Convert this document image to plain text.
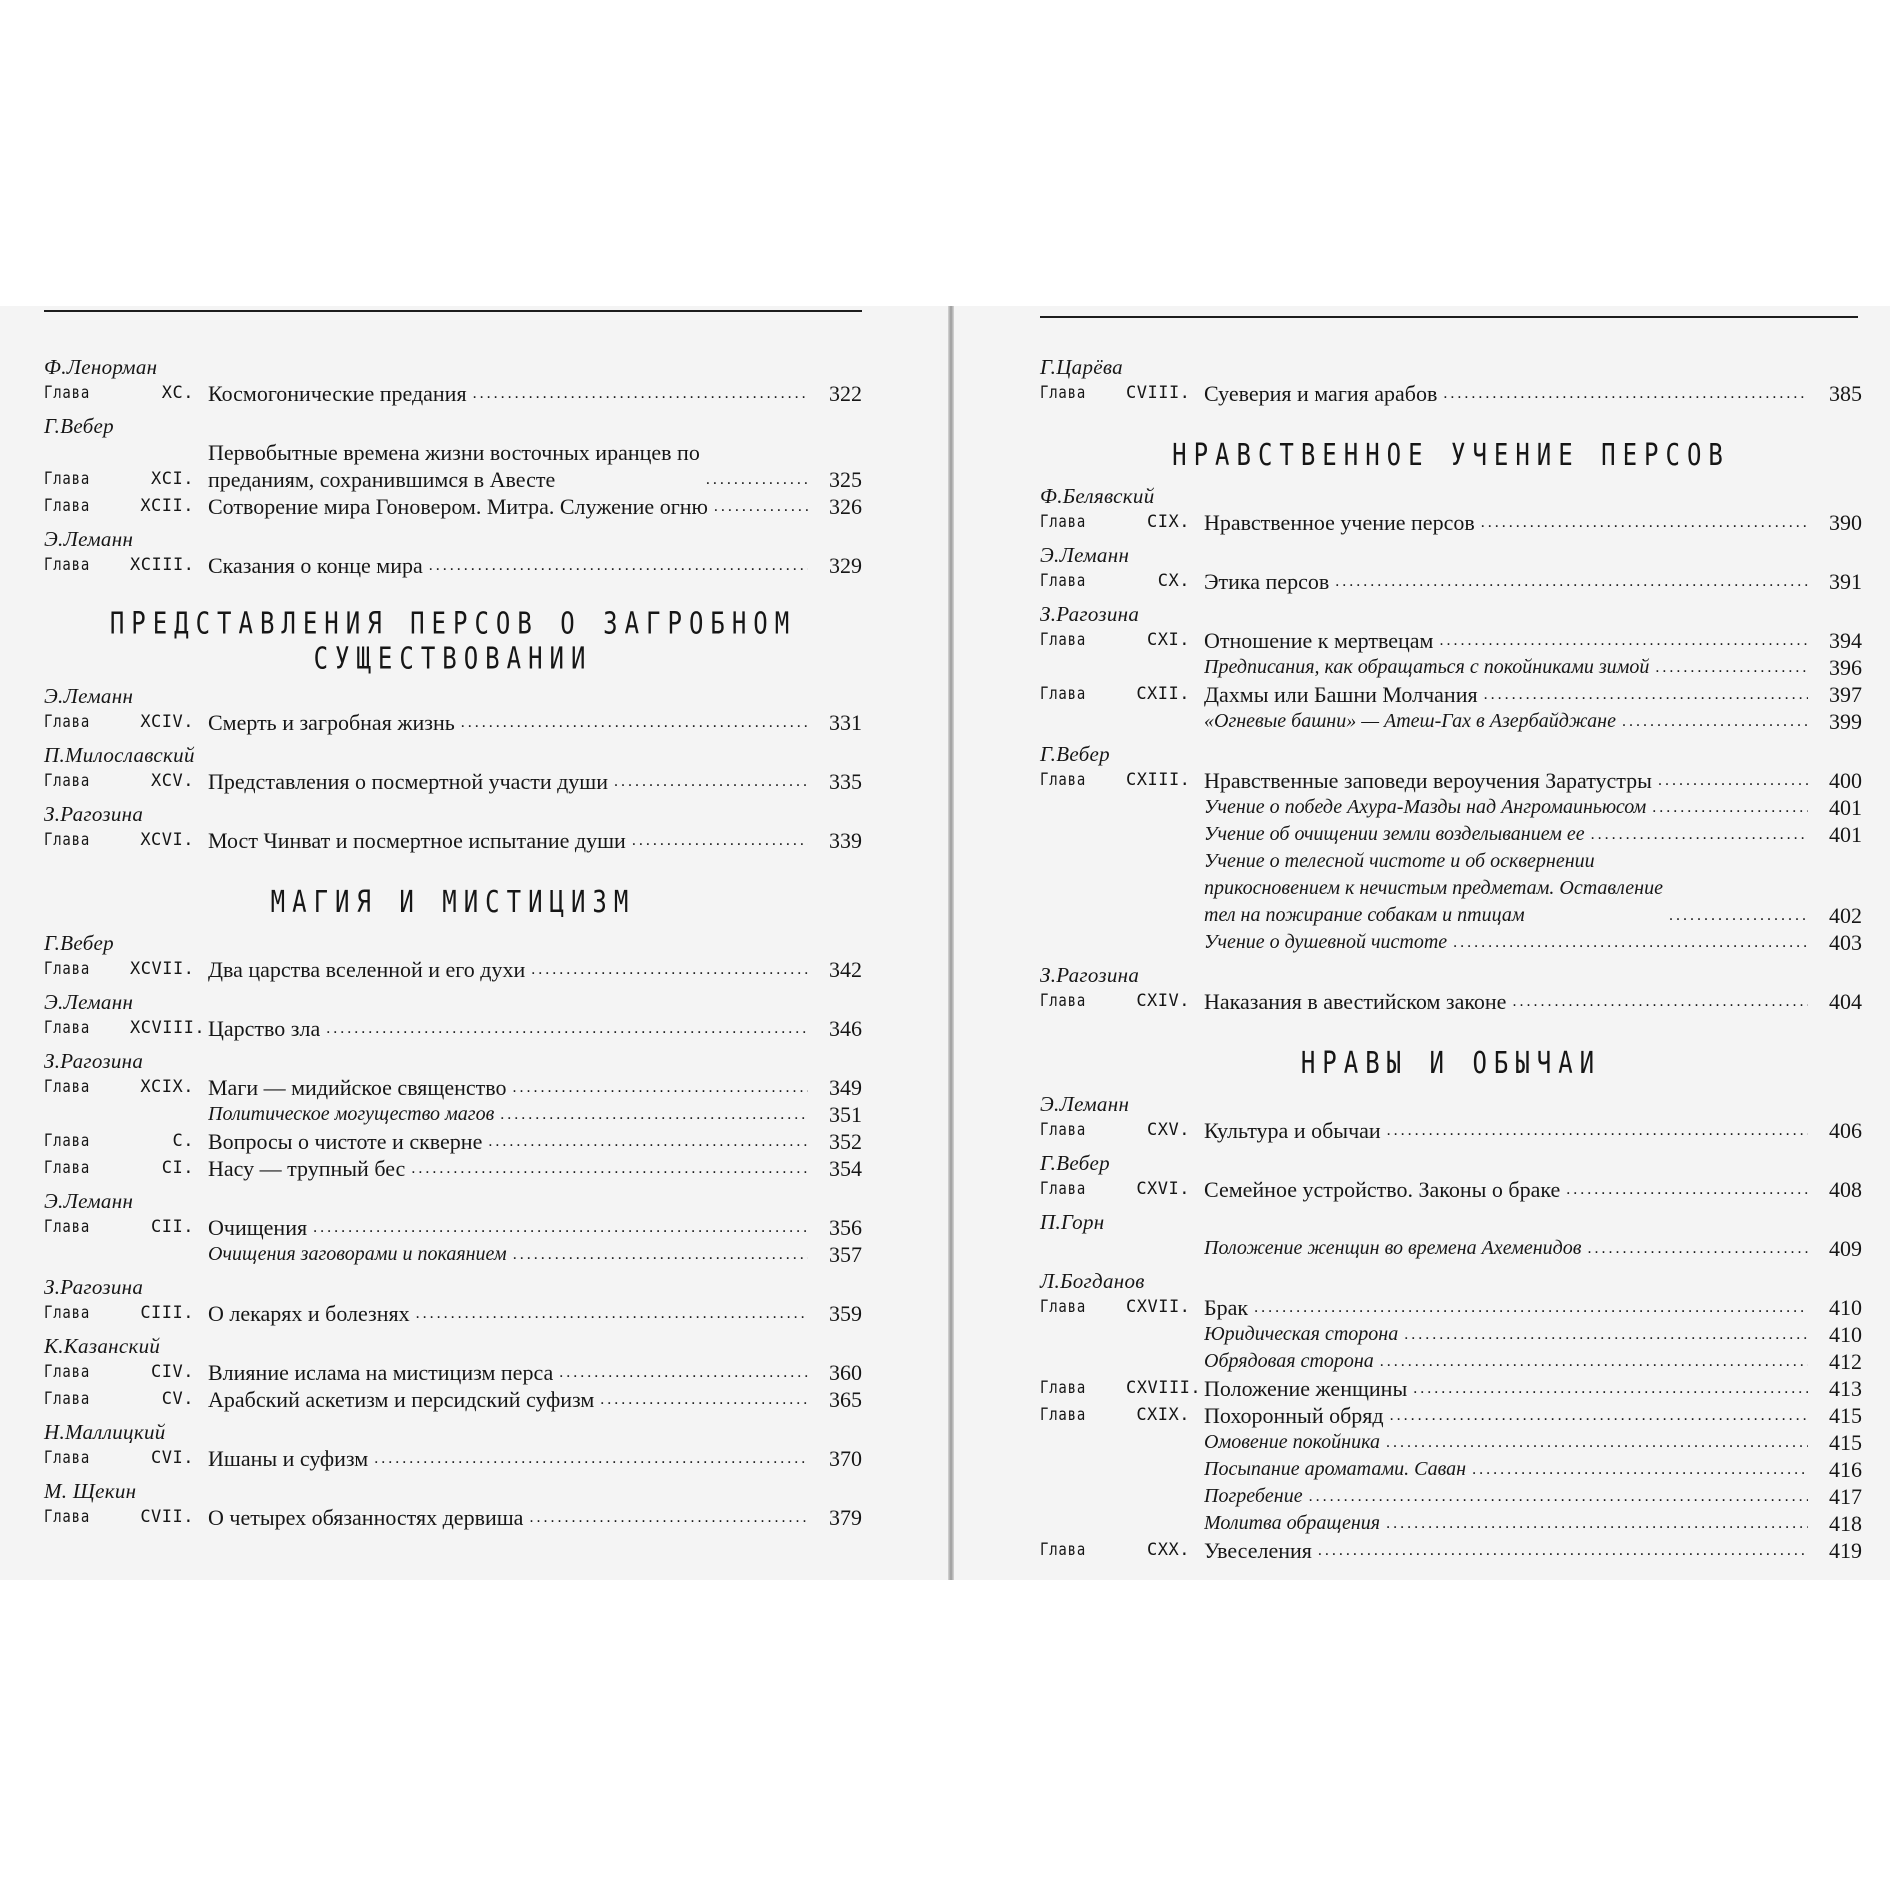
Ф.Ленорман
Глава	XC. Космогонические предания .....	322
Г.Вебер
Глава	XCI.
Первобытные времена жизни восточных иранцев по
преданиям, сохранившимся в Авесте .....	325
Глава	XCII. Сотворение мира Гоновером. Митра. Служение огню .....	326
Э.Леманн
Глава	XCIII. Сказания о конце мира .....	329
ПРЕДСТАВЛЕНИЯ ПЕРСОВ О ЗАГРОБНОМ СУЩЕСТВОВАНИИ
Э.Леманн
Глава	XCIV. Смерть и загробная жизнь .....	331
П.Милославский
Глава	XCV. Представления о посмертной участи души .....	335
З.Рагозина
Глава	XCVI. Мост Чинват и посмертное испытание души .....	339
МАГИЯ И МИСТИЦИЗМ
Г.Вебер
Глава	XCVII. Два царства вселенной и его духи .....	342
Э.Леманн
Глава	XCVIII. Царство зла .....	346
З.Рагозина
Глава	XCIX. Маги — мидийское священство .....	349
Политическое могущество магов .....	351
Глава	C. Вопросы о чистоте и скверне .....	352
Глава	CI. Насу — трупный бес .....	354
Э.Леманн
Глава	CII. Очищения .....	356
Очищения заговорами и покаянием .....	357
З.Рагозина
Глава	CIII. О лекарях и болезнях .....	359
К.Казанский
Глава	CIV. Влияние ислама на мистицизм перса .....	360
Глава	CV. Арабский аскетизм и персидский суфизм .....	365
Н.Маллицкий
Глава	CVI. Ишаны и суфизм .....	370
М. Щекин
Глава	CVII. О четырех обязанностях дервиша .....	379
Г.Царёва
Глава	CVIII. Суеверия и магия арабов .....	385
НРАВСТВЕННОЕ УЧЕНИЕ ПЕРСОВ
Ф.Белявский
Глава	CIX. Нравственное учение персов .....	390
Э.Леманн
Глава	CX. Этика персов .....	391
З.Рагозина
Глава	CXI. Отношение к мертвецам .....	394
Предписания, как обращаться с покойниками зимой .....	396
Глава	CXII. Дахмы или Башни Молчания .....	397
«Огневые башни» — Атеш-Гах в Азербайджане .....	399
Г.Вебер
Глава	CXIII. Нравственные заповеди вероучения Заратустры .....	400
Учение о победе Ахура-Мазды над Ангромаиньюсом .....	401
Учение об очищении земли возделыванием ее .....	401
Учение о телесной чистоте и об осквернении
прикосновением к нечистым предметам. Оставление
тел на пожирание собакам и птицам .....	402
Учение о душевной чистоте .....	403
З.Рагозина
Глава	CXIV. Наказания в авестийском законе .....	404
НРАВЫ И ОБЫЧАИ
Э.Леманн
Глава	CXV. Культура и обычаи .....	406
Г.Вебер
Глава	CXVI. Семейное устройство. Законы о браке .....	408
П.Горн
Положение женщин во времена Ахеменидов .....	409
Л.Богданов
Глава	CXVII. Брак .....	410
Юридическая сторона .....	410
Обрядовая сторона .....	412
Глава	CXVIII. Положение женщины .....	413
Глава	CXIX. Похоронный обряд .....	415
Омовение покойника .....	415
Посыпание ароматами. Саван .....	416
Погребение .....	417
Молитва обращения .....	418
Глава	CXX. Увеселения .....	419
